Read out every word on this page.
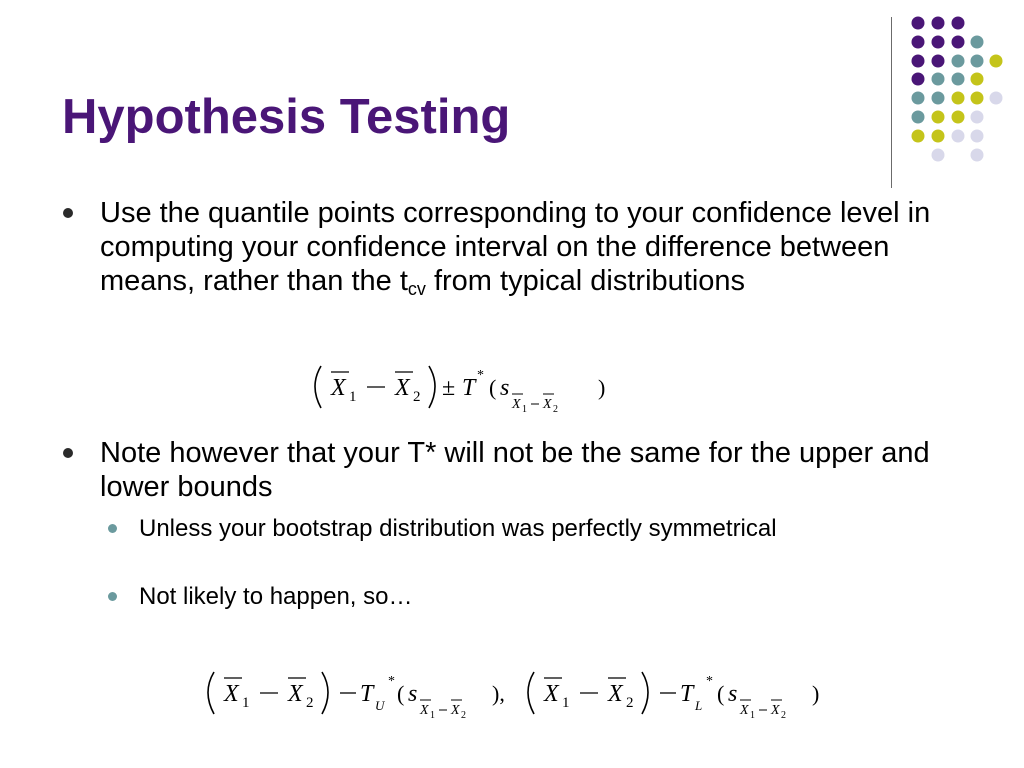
Hypothesis Testing
Use the quantile points corresponding to your confidence level in computing your confidence interval on the difference between means, rather than the $t_{cv}$ from typical distributions
X 1 X 2 ± T * ( s
X 1 X 2
)
Note however that your T* will not be the same for the upper and lower bounds
Unless your bootstrap distribution was perfectly symmetrical
Not likely to happen, so…
X 1 X 2 T U
* ( s
X 1 X 2
), X 1 X 2 T L
* ( s
X 1 X 2
)
